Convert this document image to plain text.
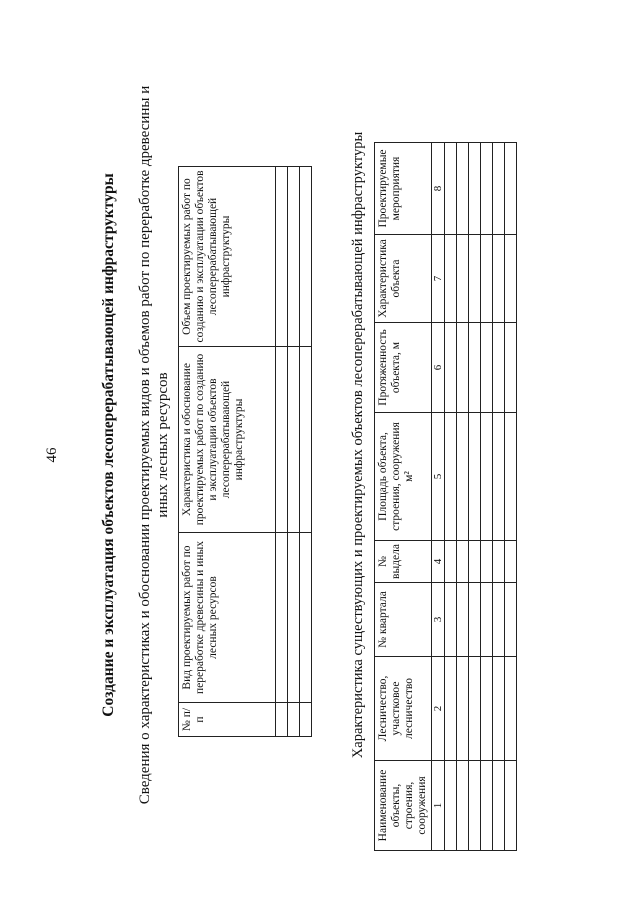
46	Создание и эксплуатация объектов лесоперерабатывающей инфраструктуры Сведения о характеристиках и обосновании проектируемых видов и объемов работ по переработке древесины и иных лесных ресурсов
№ п/п	Вид проектируемых работ по переработке древесины и иных лесных ресурсов	Характеристика и обоснование проектируемых работ по созданию и эксплуатации объектов лесоперерабатывающей инфраструктуры	Объем проектируемых работ по созданию и эксплуатации объектов лесоперерабатывающей инфраструктуры

				Характеристика существующих и проектируемых объектов лесоперерабатывающей инфраструктуры
Наименование объекты, строения, сооружения	Лесничество, участковое лесничество	№ квартала	№ выдела	Площадь объекта, строения, сооружения м²	Протяженность объекта, м	Характеристика объекта	Проектируемые мероприятия
1	2	3	4	5	6	7	8
